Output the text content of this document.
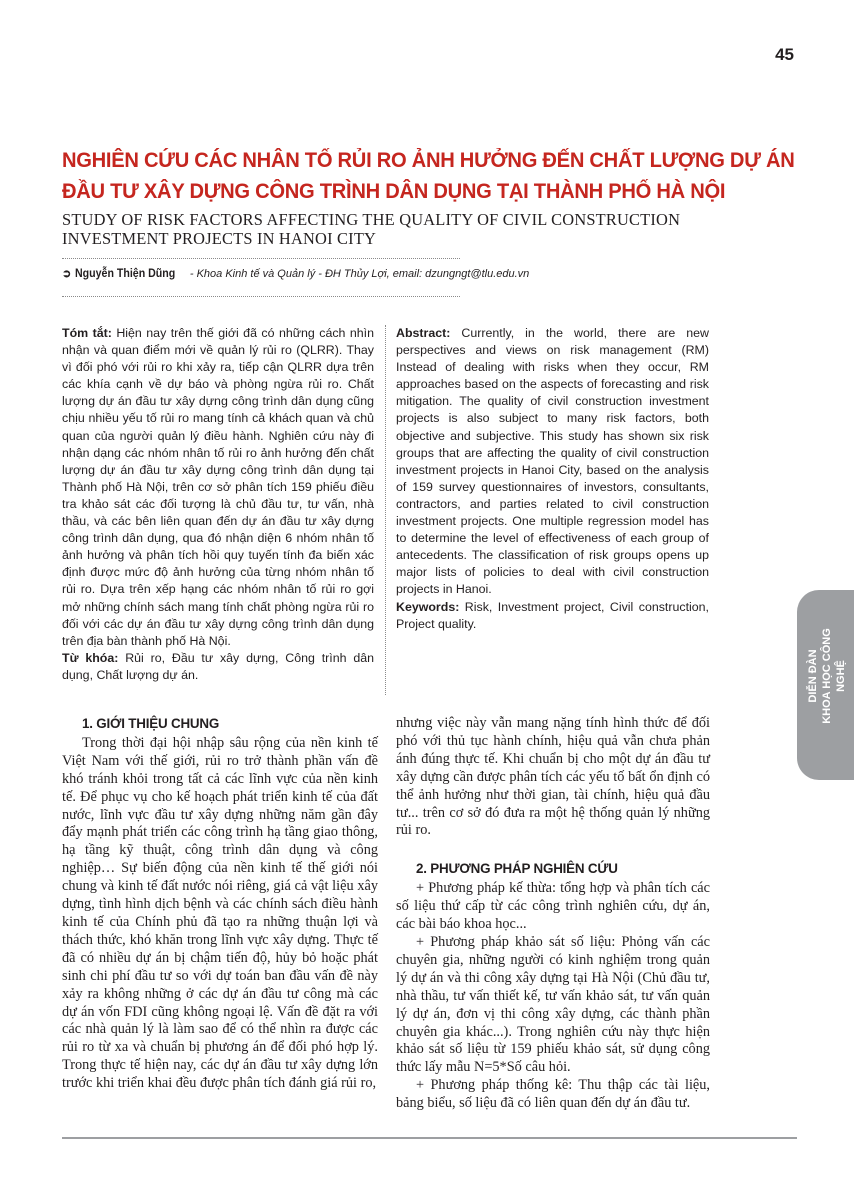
45
NGHIÊN CỨU CÁC NHÂN TỐ RỦI RO ẢNH HƯỞNG ĐẾN CHẤT LƯỢNG DỰ ÁN
ĐẦU TƯ XÂY DỰNG CÔNG TRÌNH DÂN DỤNG TẠI THÀNH PHỐ HÀ NỘI
STUDY OF RISK FACTORS AFFECTING THE QUALITY OF CIVIL CONSTRUCTION
INVESTMENT PROJECTS IN HANOI CITY
➲ Nguyễn Thiện Dũng - Khoa Kinh tế và Quản lý - ĐH Thủy Lợi, email: dzungngt@tlu.edu.vn

Tóm tắt: Hiện nay trên thế giới đã có những cách nhìn nhận và quan điểm mới về quản lý rủi ro (QLRR). Thay vì đối phó với rủi ro khi xảy ra, tiếp cận QLRR dựa trên các khía cạnh về dự báo và phòng ngừa rủi ro. Chất lượng dự án đầu tư xây dựng công trình dân dụng cũng chịu nhiều yếu tố rủi ro mang tính cả khách quan và chủ quan của người quản lý điều hành. Nghiên cứu này đi nhận dạng các nhóm nhân tố rủi ro ảnh hưởng đến chất lượng dự án đầu tư xây dựng công trình dân dụng tại Thành phố Hà Nội, trên cơ sở phân tích 159 phiếu điều tra khảo sát các đối tượng là chủ đầu tư, tư vấn, nhà thầu, và các bên liên quan đến dự án đầu tư xây dựng công trình dân dụng, qua đó nhận diện 6 nhóm nhân tố ảnh hưởng và phân tích hồi quy tuyến tính đa biến xác định được mức độ ảnh hưởng của từng nhóm nhân tố rủi ro. Dựa trên xếp hạng các nhóm nhân tố rủi ro gợi mở những chính sách mang tính chất phòng ngừa rủi ro đối với các dự án đầu tư xây dựng công trình dân dụng trên địa bàn thành phố Hà Nội.

Từ khóa: Rủi ro, Đầu tư xây dựng, Công trình dân dụng, Chất lượng dự án.

Abstract: Currently, in the world, there are new perspectives and views on risk management (RM) Instead of dealing with risks when they occur, RM approaches based on the aspects of forecasting and risk mitigation. The quality of civil construction investment projects is also subject to many risk factors, both objective and subjective. This study has shown six risk groups that are affecting the quality of civil construction investment projects in Hanoi City, based on the analysis of 159 survey questionnaires of investors, consultants, contractors, and parties related to civil construction investment projects. One multiple regression model has to determine the level of effectiveness of each group of antecedents. The classification of risk groups opens up major lists of policies to deal with civil construction projects in Hanoi.

Keywords: Risk, Investment project, Civil construction, Project quality.

1. GIỚI THIỆU CHUNG

Trong thời đại hội nhập sâu rộng của nền kinh tế Việt Nam với thế giới, rủi ro trở thành phần vấn đề khó tránh khỏi trong tất cả các lĩnh vực của nền kinh tế. Để phục vụ cho kế hoạch phát triển kinh tế của đất nước, lĩnh vực đầu tư xây dựng những năm gần đây đẩy mạnh phát triển các công trình hạ tầng giao thông, hạ tầng kỹ thuật, công trình dân dụng và công nghiệp… Sự biến động của nền kinh tế thế giới nói chung và kinh tế đất nước nói riêng, giá cả vật liệu xây dựng, tình hình dịch bệnh và các chính sách điều hành kinh tế của Chính phủ đã tạo ra những thuận lợi và thách thức, khó khăn trong lĩnh vực xây dựng. Thực tế đã có nhiều dự án bị chậm tiến độ, hủy bỏ hoặc phát sinh chi phí đầu tư so với dự toán ban đầu vấn đề này xảy ra không những ở các dự án đầu tư công mà các dự án vốn FDI cũng không ngoại lệ. Vấn đề đặt ra với các nhà quản lý là làm sao để có thể nhìn ra được các rủi ro từ xa và chuẩn bị phương án để đối phó hợp lý. Trong thực tế hiện nay, các dự án đầu tư xây dựng lớn trước khi triển khai đều được phân tích đánh giá rủi ro,

nhưng việc này vẫn mang nặng tính hình thức để đối phó với thủ tục hành chính, hiệu quả vẫn chưa phản ánh đúng thực tế. Khi chuẩn bị cho một dự án đầu tư xây dựng cần được phân tích các yếu tố bất ổn định có thể ảnh hưởng như thời gian, tài chính, hiệu quả đầu tư... trên cơ sở đó đưa ra một hệ thống quản lý những rủi ro.

2. PHƯƠNG PHÁP NGHIÊN CỨU

+ Phương pháp kế thừa: tổng hợp và phân tích các số liệu thứ cấp từ các công trình nghiên cứu, dự án, các bài báo khoa học...

+ Phương pháp khảo sát số liệu: Phỏng vấn các chuyên gia, những người có kinh nghiệm trong quản lý dự án và thi công xây dựng tại Hà Nội (Chủ đầu tư, nhà thầu, tư vấn thiết kế, tư vấn khảo sát, tư vấn quản lý dự án, đơn vị thi công xây dựng, các thành phần chuyên gia khác...). Trong nghiên cứu này thực hiện khảo sát số liệu từ 159 phiếu khảo sát, sử dụng công thức lấy mẫu N=5*Số câu hỏi.

+ Phương pháp thống kê: Thu thập các tài liệu, bảng biểu, số liệu đã có liên quan đến dự án đầu tư.

DIỄN ĐÀN KHOA HỌC CÔNG NGHỆ
